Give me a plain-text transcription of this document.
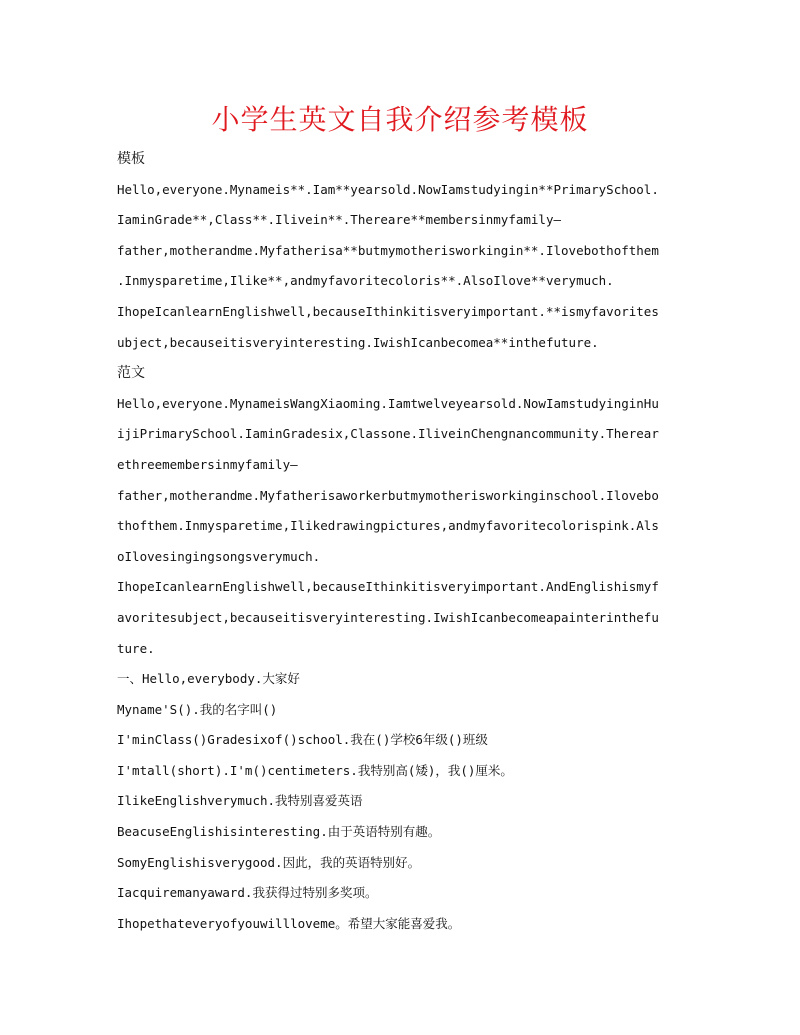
小学生英文自我介绍参考模板
模板
Hello,everyone.Mynameis**.Iam**yearsold.NowIamstudyingin**PrimarySchool.
IaminGrade**,Class**.Ilivein**.Thereare**membersinmyfamily—
father,motherandme.Myfatherisa**butmymotherisworkingin**.Ilovebothofthem
.Inmysparetime,Ilike**,andmyfavoritecoloris**.AlsoIlove**verymuch.
IhopeIcanlearnEnglishwell,becauseIthinkitisveryimportant.**ismyfavorites
ubject,becauseitisveryinteresting.IwishIcanbecomea**inthefuture.
范文
Hello,everyone.MynameisWangXiaoming.Iamtwelveyearsold.NowIamstudyinginHu
ijiPrimarySchool.IaminGradesix,Classone.IliveinChengnancommunity.Therear
ethreemembersinmyfamily—
father,motherandme.Myfatherisaworkerbutmymotherisworkinginschool.Ilovebo
thofthem.Inmysparetime,Ilikedrawingpictures,andmyfavoritecolorispink.Als
oIlovesingingsongsverymuch.
IhopeIcanlearnEnglishwell,becauseIthinkitisveryimportant.AndEnglishismyf
avoritesubject,becauseitisveryinteresting.IwishIcanbecomeapainterinthefu
ture.
一、Hello,everybody.大家好
Myname'S().我的名字叫()
I'minClass()Gradesixof()school.我在()学校6年级()班级
I'mtall(short).I'm()centimeters.我特别高(矮)，我()厘米。
IlikeEnglishverymuch.我特别喜爱英语
BeacuseEnglishisinteresting.由于英语特别有趣。
SomyEnglishisverygood.因此，我的英语特别好。
Iacquiremanyaward.我获得过特别多奖项。
Ihopethateveryofyouwillloveme。希望大家能喜爱我。
